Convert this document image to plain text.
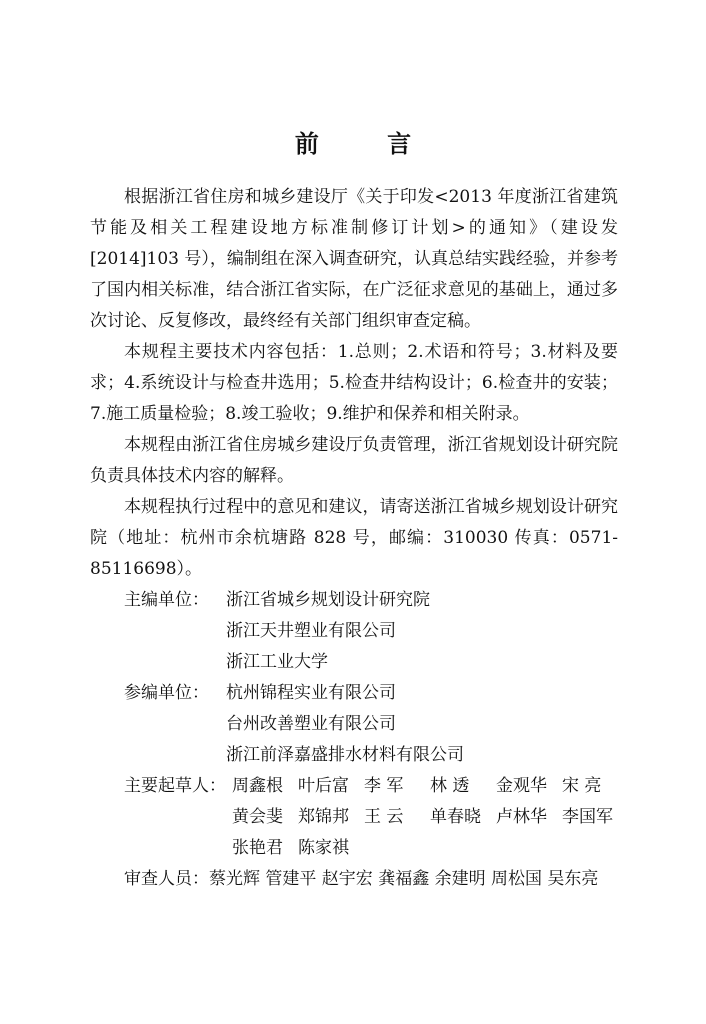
前 言

根据浙江省住房和城乡建设厅《关于印发<2013 年度浙江省建筑节能及相关工程建设地方标准制修订计划>的通知》（建设发[2014]103 号），编制组在深入调查研究，认真总结实践经验，并参考了国内相关标准，结合浙江省实际，在广泛征求意见的基础上，通过多次讨论、反复修改，最终经有关部门组织审查定稿。

本规程主要技术内容包括：1.总则；2.术语和符号；3.材料及要求；4.系统设计与检查井选用；5.检查井结构设计；6.检查井的安装；7.施工质量检验；8.竣工验收；9.维护和保养和相关附录。

本规程由浙江省住房城乡建设厅负责管理，浙江省规划设计研究院负责具体技术内容的解释。

本规程执行过程中的意见和建议，请寄送浙江省城乡规划设计研究院（地址：杭州市余杭塘路 828 号，邮编：310030 传真：0571-85116698）。

主编单位：	浙江省城乡规划设计研究院
浙江天井塑业有限公司
浙江工业大学
参编单位：	杭州锦程实业有限公司
台州改善塑业有限公司
浙江前泽嘉盛排水材料有限公司
主要起草人： 周鑫根 叶后富 李 军	林 透	金观华 宋 亮
黄会斐 郑锦邦 王 云	单春晓 卢林华 李国军
张艳君 陈家祺

审查人员：蔡光辉 管建平 赵宇宏 龚福鑫 余建明 周松国 吴东亮
